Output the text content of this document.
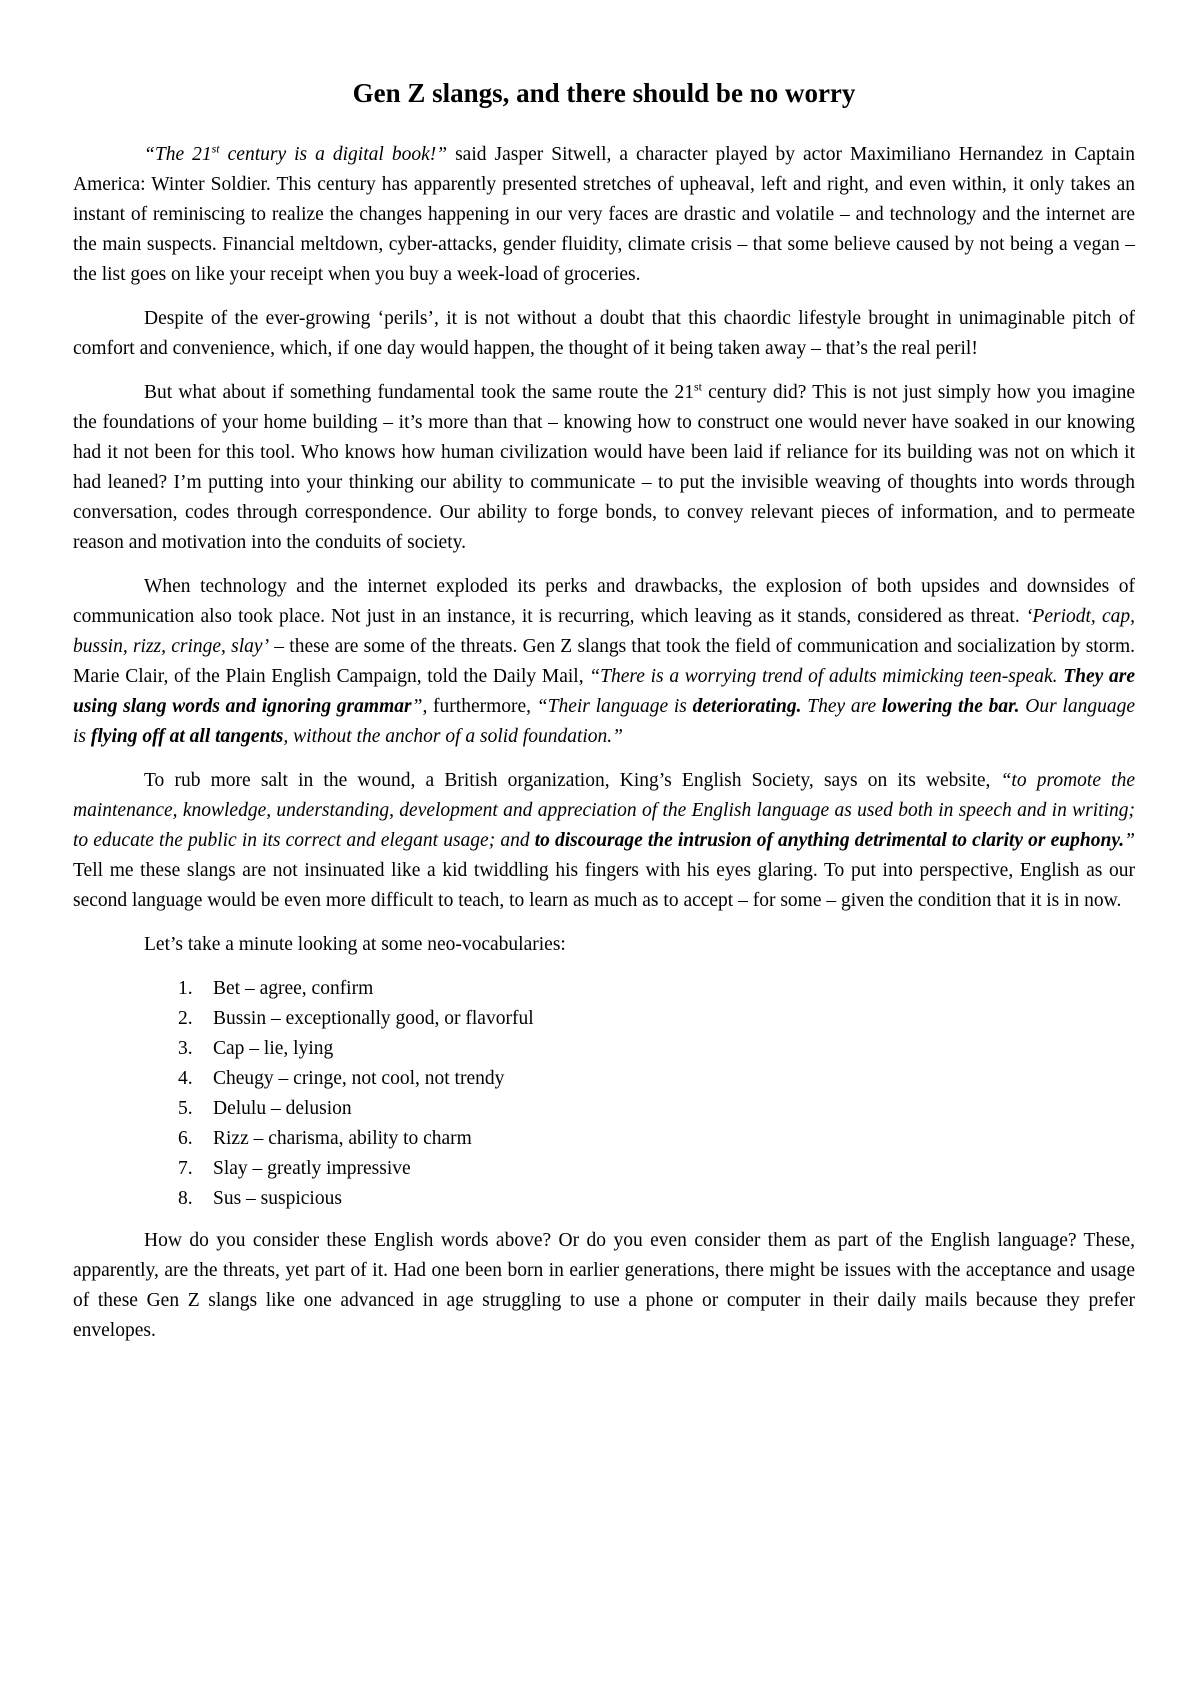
Gen Z slangs, and there should be no worry

“The 21st century is a digital book!” said Jasper Sitwell, a character played by actor Maximiliano Hernandez in Captain America: Winter Soldier. This century has apparently presented stretches of upheaval, left and right, and even within, it only takes an instant of reminiscing to realize the changes happening in our very faces are drastic and volatile – and technology and the internet are the main suspects. Financial meltdown, cyber-attacks, gender fluidity, climate crisis – that some believe caused by not being a vegan – the list goes on like your receipt when you buy a week-load of groceries.

Despite of the ever-growing ‘perils’, it is not without a doubt that this chaordic lifestyle brought in unimaginable pitch of comfort and convenience, which, if one day would happen, the thought of it being taken away – that’s the real peril!

But what about if something fundamental took the same route the 21st century did? This is not just simply how you imagine the foundations of your home building – it’s more than that – knowing how to construct one would never have soaked in our knowing had it not been for this tool. Who knows how human civilization would have been laid if reliance for its building was not on which it had leaned? I’m putting into your thinking our ability to communicate – to put the invisible weaving of thoughts into words through conversation, codes through correspondence. Our ability to forge bonds, to convey relevant pieces of information, and to permeate reason and motivation into the conduits of society.

When technology and the internet exploded its perks and drawbacks, the explosion of both upsides and downsides of communication also took place. Not just in an instance, it is recurring, which leaving as it stands, considered as threat. ‘Periodt, cap, bussin, rizz, cringe, slay’ – these are some of the threats. Gen Z slangs that took the field of communication and socialization by storm. Marie Clair, of the Plain English Campaign, told the Daily Mail, “There is a worrying trend of adults mimicking teen-speak. They are using slang words and ignoring grammar”, furthermore, “Their language is deteriorating. They are lowering the bar. Our language is flying off at all tangents, without the anchor of a solid foundation.”

To rub more salt in the wound, a British organization, King’s English Society, says on its website, “to promote the maintenance, knowledge, understanding, development and appreciation of the English language as used both in speech and in writing; to educate the public in its correct and elegant usage; and to discourage the intrusion of anything detrimental to clarity or euphony.” Tell me these slangs are not insinuated like a kid twiddling his fingers with his eyes glaring. To put into perspective, English as our second language would be even more difficult to teach, to learn as much as to accept – for some – given the condition that it is in now.

Let’s take a minute looking at some neo-vocabularies:

1.	Bet – agree, confirm
2.	Bussin – exceptionally good, or flavorful
3.	Cap – lie, lying
4.	Cheugy – cringe, not cool, not trendy
5.	Delulu – delusion
6.	Rizz – charisma, ability to charm
7.	Slay – greatly impressive
8.	Sus – suspicious

How do you consider these English words above? Or do you even consider them as part of the English language? These, apparently, are the threats, yet part of it. Had one been born in earlier generations, there might be issues with the acceptance and usage of these Gen Z slangs like one advanced in age struggling to use a phone or computer in their daily mails because they prefer envelopes.
